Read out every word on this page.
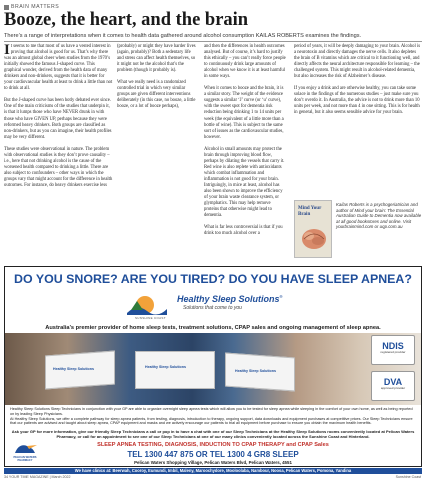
BRAIN MATTERS
Booze, the heart, and the brain
There’s a range of interpretations when it comes to health data gathered around alcohol consumption KAILAS ROBERTS examines the findings.

It seems to me that most of us have a vested interest in proving that alcohol is good for us. That’s why there was an almost global cheer when studies from the 1970’s initially showed the famous J-shaped curve. This graphical wonder, derived from the health data of many drinkers and non-drinkers, suggests that it is better for your cardiovascular health at least to drink a little than not to drink at all.

But the J-shaped curve has been hotly debated ever since. One of the main criticisms of the studies that underpin it, is that it lumps those who have NEVER drunk in with those who have GIVEN UP, perhaps because they were reformed heavy drinkers. Both groups are classified as non-drinkers, but as you can imagine, their health profiles may be very different.

These studies were observational in nature. The problem with observational studies is they don’t prove causality – i.e., here that not drinking alcohol is the cause of the worsened health compared to drinking a little. There are also subject to confounders – other ways in which the groups vary that might account for the difference in health outcomes. For instance, do heavy drinkers exercise less

(probably) or might they have harder lives (again, probably)? Both a sedentary life and stress can affect health themselves, so it might not be the alcohol that’s the problem (though it probably is).

What we really need is a randomized controlled trial in which very similar groups are given different interventions deliberately (in this case, no booze, a little booze, or a lot of booze perhaps),

and then the differences in health outcomes analysed. But of course, it’s hard to justify this ethically – you can’t really force people to continuously drink large amounts of alcohol when we know it is at least harmful in some ways.

When it comes to booze and the brain, it is a similar story. The weight of the evidence suggests a similar ‘J’ curve (or ‘u’ curve), with the sweet spot for dementia risk reduction being drinking 1 to 14 units per week (the equivalent of a little more than a bottle of wine). This is subject to the same sort of issues as the cardiovascular studies, however.

Alcohol in small amounts may protect the brain through improving blood flow, perhaps by dilating the vessels that carry it. Red wine is also replete with antioxidants which combat inflammation and inflammation is not good for your brain. Intriguingly, in mice at least, alcohol has also been shown to improve the efficiency of your brain waste clearance system, or glymphatics. This may help remove proteins that otherwise might lead to dementia.

What is far less controversial is that if you drink too much alcohol over a

period of years, it will be deeply damaging to your brain. Alcohol is a neurotoxin and directly damages the nerve cells. It also depletes the brain of B vitamins which are critical to it functioning well, and directly affects the neural architecture responsible for learning – the challenged system. This might result in alcohol-related dementia, but also increases the risk of Alzheimer’s disease.

If you enjoy a drink and are otherwise healthy, you can take some solace in the findings of the numerous studies – just make sure you don’t overdo it. In Australia, the advice is not to drink more than 10 units per week, and not more than 4 in one sitting. This is for health in general, but it also seems sensible advice for your brain.

Mind Your Brain
Kailas Roberts is a psychogeriatrician and author of Mind your brain: The Essential Australian Guide to Dementia now available at all good bookstores and online. Visit yourbrainmind.com or uqp.com.au
DO YOU SNORE? ARE YOU TIRED? DO YOU HAVE SLEEP APNEA?
Healthy Sleep Solutions®
Solutions that come to you
SUNSHINE COAST
Australia’s premier provider of home sleep tests, treatment solutions, CPAP sales and ongoing management of sleep apnea.
Healthy Sleep Solutions	Healthy Sleep Solutions
Healthy Sleep Solutions
NDIS
registered provider
DVA
approved provider

Healthy Sleep Solutions Sleep Technicians in conjunction with your GP are able to organize overnight sleep apnea tests which will allow you to be tested for sleep apnea while sleeping in the comfort of your own home, as well as being reported on by leading Sleep Physicians.

At Healthy Sleep Solutions, we offer a complete pathway for sleep apnea patients, from testing, diagnosis, introduction to therapy, ongoing support, data downloads and equipment purchases at competitive prices. Our Sleep Technicians ensure that our patients are advised and taught about sleep apnea, CPAP equipment and masks and we actively encourage our patients to trial all equipment before purchase to ensure you obtain the maximum health benefits.

Ask your GP for more information, give our friendly Sleep Technicians a call or pop in to have a chat with one of our Sleep Technicians at the Healthy Sleep Solutions rooms conveniently located at Pelican Waters Pharmacy, or call for an appointment to see one of our Sleep Technicians at one of our many clinics conveniently located across the Sunshine Coast and Hinterland.
PELICAN WATERS PHARMACY
SLEEP APNEA TESTING, DIAGNOSIS, INDUCTION TO CPAP THERAPY and CPAP Sales
TEL 1300 447 875 OR TEL 1300 4 GR8 SLEEP
Pelican Waters Shopping Village, Pelican Waters Blvd, Pelican Waters, 4551
We have clinics at: Beerwah, Cooroy, Eumundi, Imbil, Maleny, Maroochydore, Mooloolaba, Nambour, Noosa, Pelican Waters, Pomona, Yandina
34 YOUR TIME MAGAZINE | March 2022	Sunshine Coast
